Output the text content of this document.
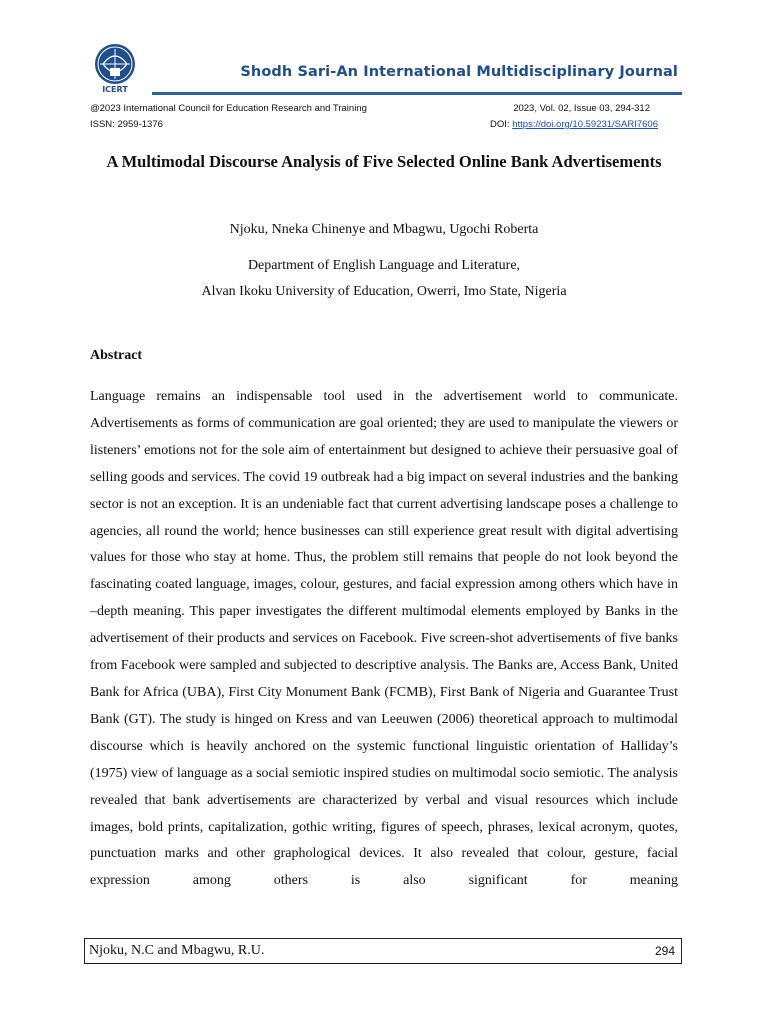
ICERT
Shodh Sari-An International Multidisciplinary Journal
@2023 International Council for Education Research and Training	2023, Vol. 02, Issue 03, 294-312
ISSN: 2959-1376	DOI: https://doi.org/10.59231/SARI7606
A Multimodal Discourse Analysis of Five Selected Online Bank Advertisements
Njoku, Nneka Chinenye and Mbagwu, Ugochi Roberta
Department of English Language and Literature,
Alvan Ikoku University of Education, Owerri, Imo State, Nigeria
Abstract

Language remains an indispensable tool used in the advertisement world to communicate. Advertisements as forms of communication are goal oriented; they are used to manipulate the viewers or listeners’ emotions not for the sole aim of entertainment but designed to achieve their persuasive goal of selling goods and services. The covid 19 outbreak had a big impact on several industries and the banking sector is not an exception. It is an undeniable fact that current advertising landscape poses a challenge to agencies, all round the world; hence businesses can still experience great result with digital advertising values for those who stay at home. Thus, the problem still remains that people do not look beyond the fascinating coated language, images, colour, gestures, and facial expression among others which have in –depth meaning. This paper investigates the different multimodal elements employed by Banks in the advertisement of their products and services on Facebook. Five screen-shot advertisements of five banks from Facebook were sampled and subjected to descriptive analysis. The Banks are, Access Bank, United Bank for Africa (UBA), First City Monument Bank (FCMB), First Bank of Nigeria and Guarantee Trust Bank (GT). The study is hinged on Kress and van Leeuwen (2006) theoretical approach to multimodal discourse which is heavily anchored on the systemic functional linguistic orientation of Halliday’s (1975) view of language as a social semiotic inspired studies on multimodal socio semiotic. The analysis revealed that bank advertisements are characterized by verbal and visual resources which include images, bold prints, capitalization, gothic writing, figures of speech, phrases, lexical acronym, quotes, punctuation marks and other graphological devices. It also revealed that colour, gesture, facial expression among others is also significant for meaning

Njoku, N.C and Mbagwu, R.U.	294
